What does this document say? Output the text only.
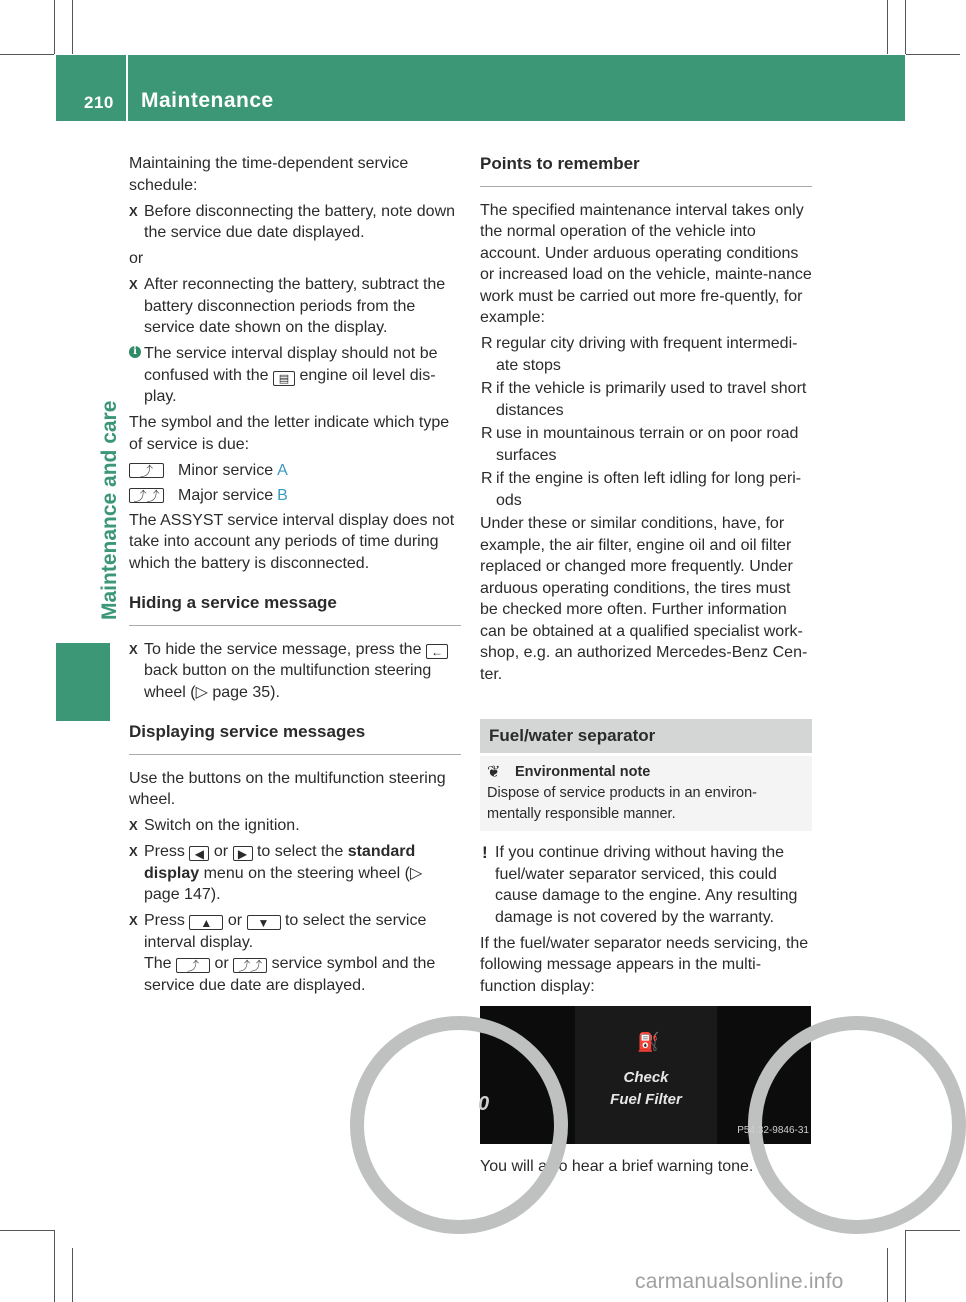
210 Maintenance
Maintenance and care

Maintaining the time-dependent service schedule:

X Before disconnecting the battery, note down the service due date displayed.

or

X After reconnecting the battery, subtract the battery disconnection periods from the service date shown on the display.
i The service interval display should not be confused with the ▤ engine oil level dis-play.

The symbol and the letter indicate which type of service is due:

⤴	Minor service A
⤴⤴ Major service B

The ASSYST service interval display does not take into account any periods of time during which the battery is disconnected.

Hiding a service message
X To hide the service message, press the ← back button on the multifunction steering wheel (▷ page 35).
Displaying service messages

Use the buttons on the multifunction steering wheel.

X Switch on the ignition.
X Press ◀ or ▶ to select the standard display menu on the steering wheel (▷ page 147).
X Press ▲ or ▼ to select the service interval display.
The ⤴ or ⤴⤴ service symbol and the service due date are displayed.
Points to remember

The specified maintenance interval takes only the normal operation of the vehicle into account. Under arduous operating conditions or increased load on the vehicle, mainte-nance work must be carried out more fre-quently, for example:

R regular city driving with frequent intermedi-ate stops
R if the vehicle is primarily used to travel short distances
R use in mountainous terrain or on poor road surfaces
R if the engine is often left idling for long peri-ods

Under these or similar conditions, have, for example, the air filter, engine oil and oil filter replaced or changed more frequently. Under arduous operating conditions, the tires must be checked more often. Further information can be obtained at a qualified specialist work-shop, e.g. an authorized Mercedes-Benz Cen-ter.

Fuel/water separator
❦ Environmental note
Dispose of service products in an environ-mentally responsible manner.
! If you continue driving without having the fuel/water separator serviced, this could cause damage to the engine. Any resulting damage is not covered by the warranty.

If the fuel/water separator needs servicing, the following message appears in the multi-function display:

0
⛽
Check
Fuel Filter
P54.32-9846-31

You will also hear a brief warning tone.

carmanualsonline.info
